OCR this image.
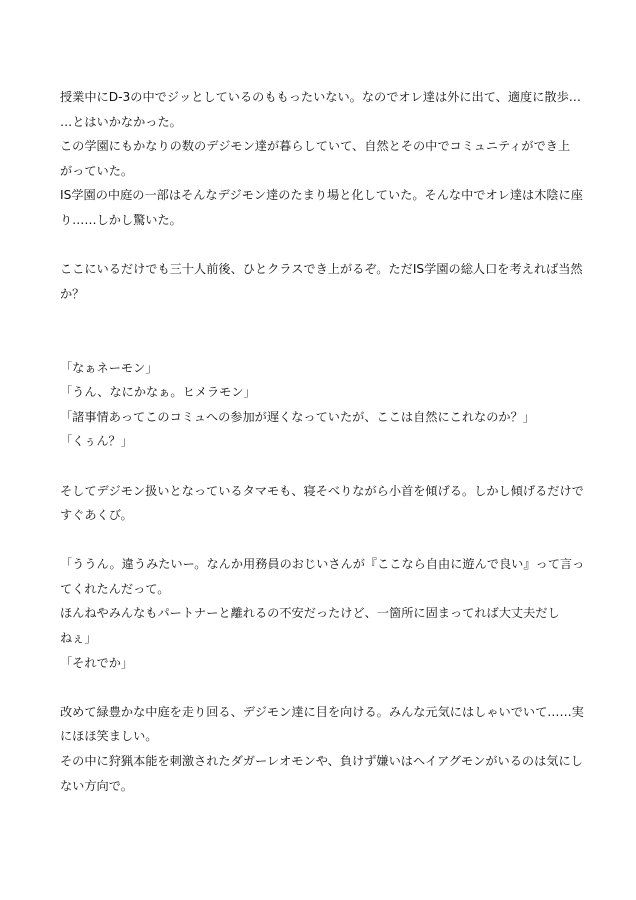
授業中にD-3の中でジッとしているのももったいない。なのでオレ達は外に出て、適度に散歩…
…とはいかなかった。
この学園にもかなりの数のデジモン達が暮らしていて、自然とその中でコミュニティができ上
がっていた。
IS学園の中庭の一部はそんなデジモン達のたまり場と化していた。そんな中でオレ達は木陰に座
り……しかし驚いた。
ここにいるだけでも三十人前後、ひとクラスでき上がるぞ。ただIS学園の総人口を考えれば当然
か？
「なぁネーモン」
「うん、なにかなぁ。ヒメラモン」
「諸事情あってこのコミュへの参加が遅くなっていたが、ここは自然にこれなのか？」
「くぅん？」
そしてデジモン扱いとなっているタマモも、寝そべりながら小首を傾げる。しかし傾げるだけで
すぐあくび。
「ううん。違うみたいー。なんか用務員のおじいさんが『ここなら自由に遊んで良い』って言っ
てくれたんだって。
ほんねやみんなもパートナーと離れるの不安だったけど、一箇所に固まってれば大丈夫だし
ねぇ」
「それでか」
改めて緑豊かな中庭を走り回る、デジモン達に目を向ける。みんな元気にはしゃいでいて……実
にほほ笑ましい。
その中に狩猟本能を刺激されたダガーレオモンや、負けず嫌いはヘイアグモンがいるのは気にし
ない方向で。
